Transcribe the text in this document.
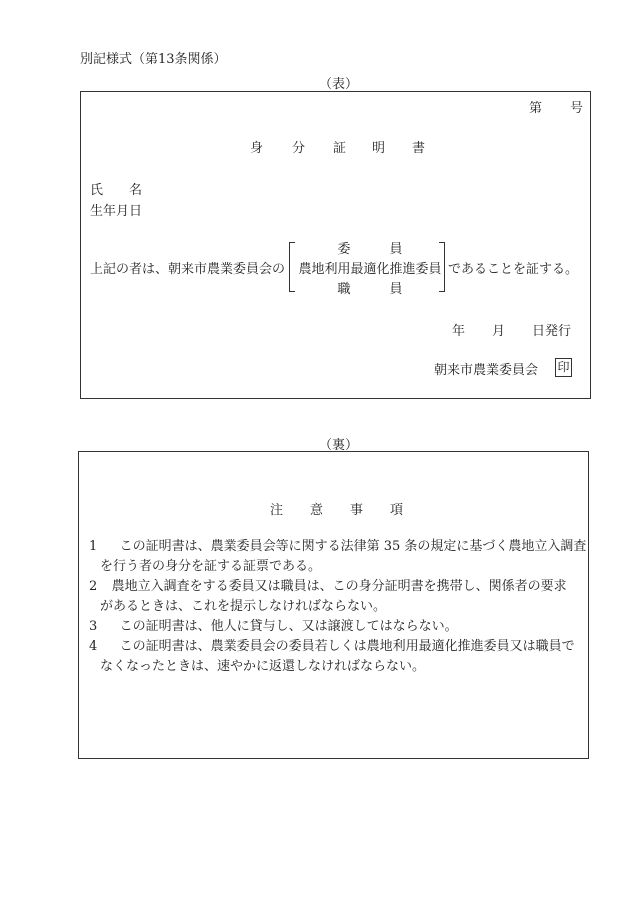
別記様式（第13条関係）
（表）
第 号
身 分 証 明 書
氏 名
生年月日
上記の者は、朝来市農業委員会の
委　　　員
農地利用最適化推進委員
職　　　員
であることを証する。
年 月 日発行
朝来市農業委員会 印
（裏）
注 意 事 項
1 この証明書は、農業委員会等に関する法律第 35 条の規定に基づく農地立入調査
を行う者の身分を証する証票である。
2 農地立入調査をする委員又は職員は、この身分証明書を携帯し、関係者の要求
があるときは、これを提示しなければならない。
3 この証明書は、他人に貸与し、又は譲渡してはならない。
4 この証明書は、農業委員会の委員若しくは農地利用最適化推進委員又は職員で
なくなったときは、速やかに返還しなければならない。
